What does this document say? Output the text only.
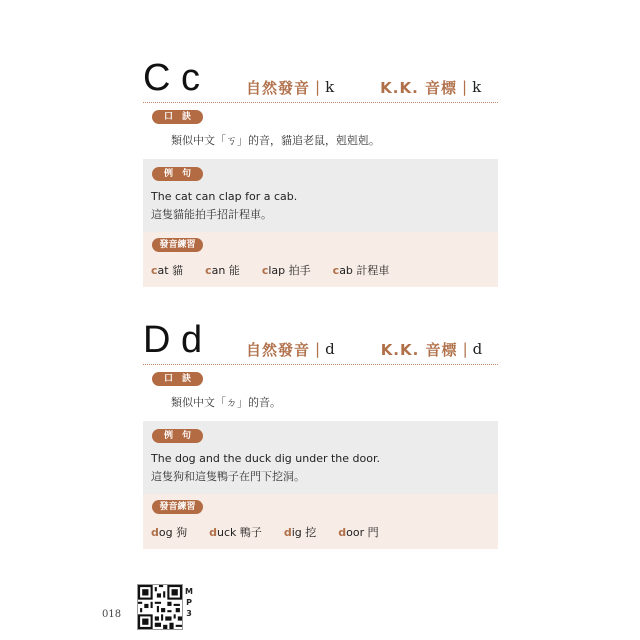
C c	自然發音 | k	K.K. 音標 | k
口　訣
類似中文「ㄎ」的音，貓追老鼠，剋剋剋。
例　句
The cat can clap for a cab.
這隻貓能拍手招計程車。
發音練習
cat 貓 can 能 clap 拍手 cab 計程車
D d	自然發音 | d	K.K. 音標 | d
口　訣
類似中文「ㄉ」的音。
例　句
The dog and the duck dig under the door.
這隻狗和這隻鴨子在門下挖洞。
發音練習
dog 狗 duck 鴨子 dig 挖 door 門
018
M
P
3
